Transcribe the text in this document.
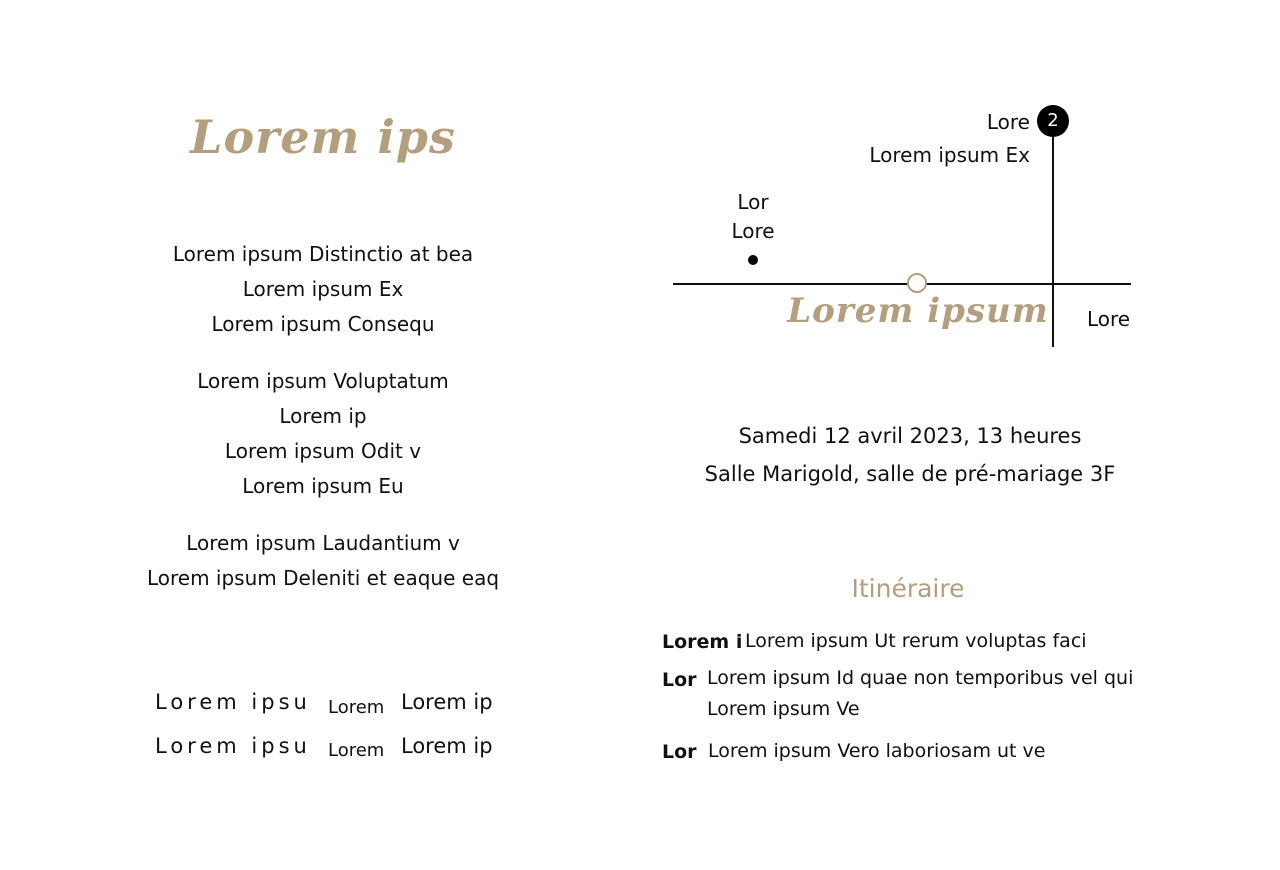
Lorem ips
Lorem ipsum Distinctio at bea
Lorem ipsum Ex
Lorem ipsum Consequ
Lorem ipsum Voluptatum
Lorem ip
Lorem ipsum Odit v
Lorem ipsum Eu
Lorem ipsum Laudantium v
Lorem ipsum Deleniti et eaque eaq
Lorem ipsu Lorem Lorem ip
Lorem ipsu Lorem Lorem ip
2
Lore
Lorem ipsum Ex
Lor
Lore
Lorem ipsum Lore
Samedi 12 avril 2023, 13 heures
Salle Marigold, salle de pré-mariage 3F
Itinéraire
Lorem i Lorem ipsum Ut rerum voluptas faci
Lor Lorem ipsum Id quae non temporibus vel qui
Lorem ipsum Ve
Lor Lorem ipsum Vero laboriosam ut ve
